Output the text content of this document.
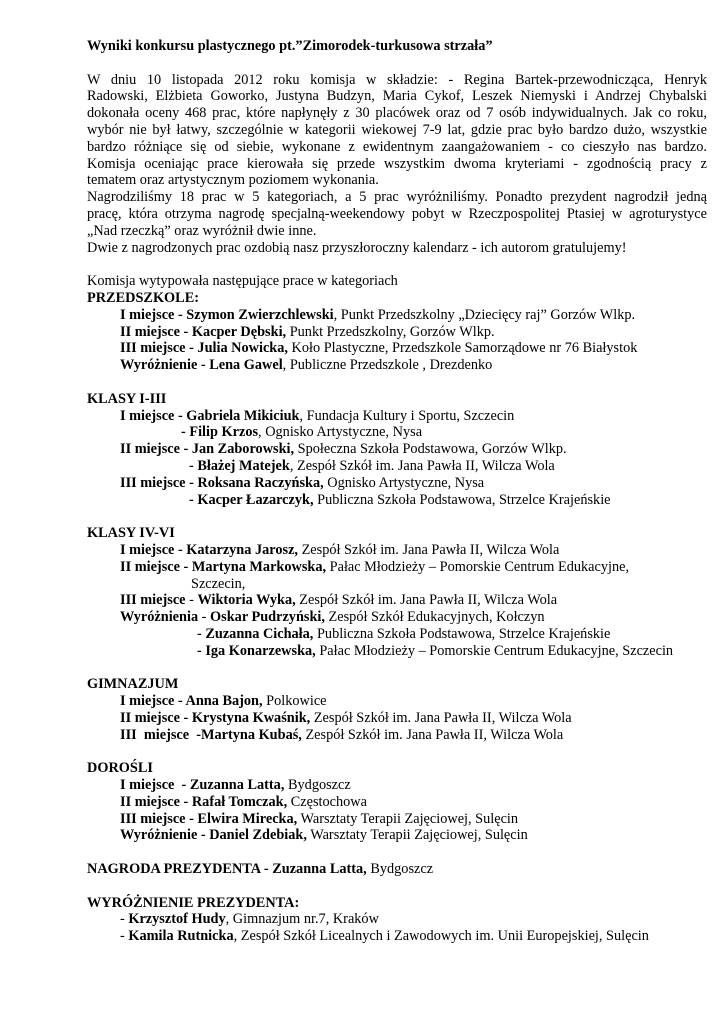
Wyniki konkursu plastycznego pt.”Zimorodek-turkusowa strzała”

W dniu 10 listopada 2012 roku komisja w składzie: - Regina Bartek-przewodnicząca, Henryk

Radowski, Elżbieta Goworko, Justyna Budzyn, Maria Cykof, Leszek Niemyski i Andrzej Chybalski

dokonała oceny 468 prac, które napłynęły z 30 placówek oraz od 7 osób indywidualnych. Jak co roku,

wybór nie był łatwy, szczególnie w kategorii wiekowej 7-9 lat, gdzie prac było bardzo dużo, wszystkie

bardzo różniące się od siebie, wykonane z ewidentnym zaangażowaniem - co cieszyło nas bardzo.

Komisja oceniając prace kierowała się przede wszystkim dwoma kryteriami - zgodnością pracy z

tematem oraz artystycznym poziomem wykonania.

Nagrodziliśmy 18 prac w 5 kategoriach, a 5 prac wyróżniliśmy. Ponadto prezydent nagrodził jedną

pracę, która otrzyma nagrodę specjalną-weekendowy pobyt w Rzeczpospolitej Ptasiej w agroturystyce

„Nad rzeczką” oraz wyróżnił dwie inne.

Dwie z nagrodzonych prac ozdobią nasz przyszłoroczny kalendarz - ich autorom gratulujemy!

Komisja wytypowała następujące prace w kategoriach
PRZEDSZKOLE:
I miejsce - Szymon Zwierzchlewski, Punkt Przedszkolny „Dziecięcy raj” Gorzów Wlkp.
II miejsce - Kacper Dębski, Punkt Przedszkolny, Gorzów Wlkp.
III miejsce - Julia Nowicka, Koło Plastyczne, Przedszkole Samorządowe nr 76 Białystok
Wyróżnienie - Lena Gawel, Publiczne Przedszkole , Drezdenko
KLASY I-III
I miejsce - Gabriela Mikiciuk, Fundacja Kultury i Sportu, Szczecin
- Filip Krzos, Ognisko Artystyczne, Nysa
II miejsce - Jan Zaborowski, Społeczna Szkoła Podstawowa, Gorzów Wlkp.
- Błażej Matejek, Zespół Szkół im. Jana Pawła II, Wilcza Wola
III miejsce - Roksana Raczyńska, Ognisko Artystyczne, Nysa
- Kacper Łazarczyk, Publiczna Szkoła Podstawowa, Strzelce Krajeńskie
KLASY IV-VI
I miejsce - Katarzyna Jarosz, Zespół Szkół im. Jana Pawła II, Wilcza Wola
II miejsce - Martyna Markowska, Pałac Młodzieży – Pomorskie Centrum Edukacyjne,
Szczecin,
III miejsce - Wiktoria Wyka, Zespół Szkół im. Jana Pawła II, Wilcza Wola
Wyróżnienia - Oskar Pudrzyński, Zespół Szkół Edukacyjnych, Kołczyn
- Zuzanna Cichała, Publiczna Szkoła Podstawowa, Strzelce Krajeńskie
- Iga Konarzewska, Pałac Młodzieży – Pomorskie Centrum Edukacyjne, Szczecin
GIMNAZJUM
I miejsce - Anna Bajon, Polkowice
II miejsce - Krystyna Kwaśnik, Zespół Szkół im. Jana Pawła II, Wilcza Wola
III  miejsce  -Martyna Kubaś, Zespół Szkół im. Jana Pawła II, Wilcza Wola
DOROŚLI
I miejsce  - Zuzanna Latta, Bydgoszcz
II miejsce - Rafał Tomczak, Częstochowa
III miejsce - Elwira Mirecka, Warsztaty Terapii Zajęciowej, Sulęcin
Wyróżnienie - Daniel Zdebiak, Warsztaty Terapii Zajęciowej, Sulęcin
NAGRODA PREZYDENTA - Zuzanna Latta, Bydgoszcz
WYRÓŻNIENIE PREZYDENTA:
- Krzysztof Hudy, Gimnazjum nr.7, Kraków
- Kamila Rutnicka, Zespół Szkół Licealnych i Zawodowych im. Unii Europejskiej, Sulęcin
